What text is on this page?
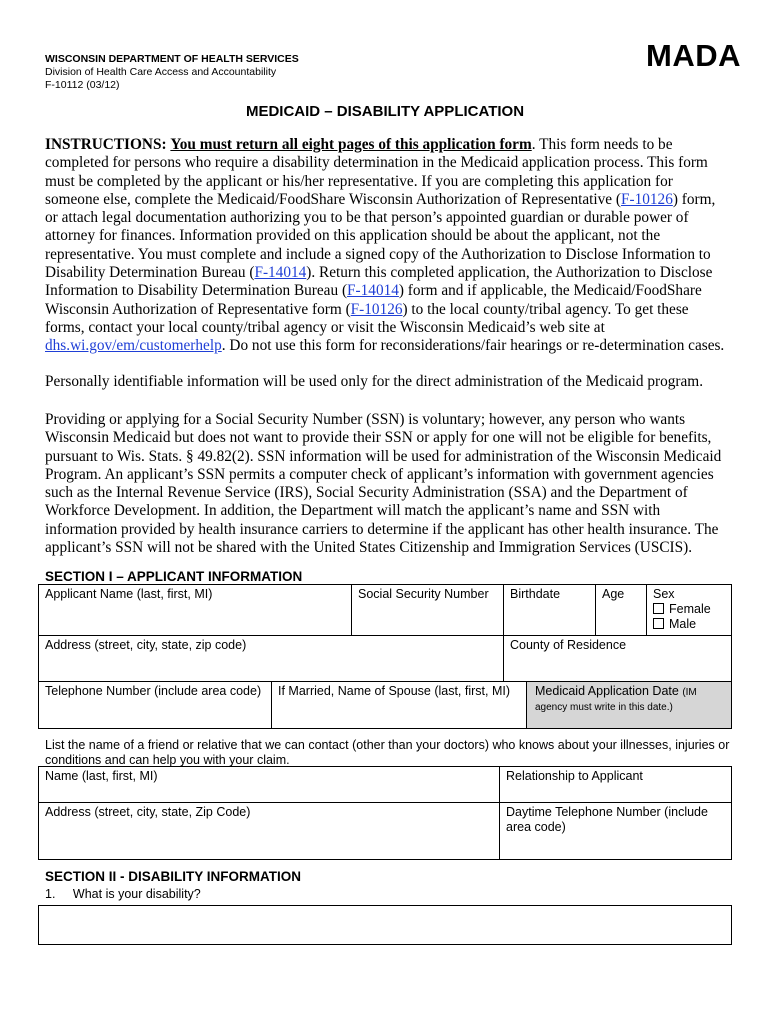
WISCONSIN DEPARTMENT OF HEALTH SERVICES
Division of Health Care Access and Accountability
F-10112 (03/12)
MADA
MEDICAID – DISABILITY APPLICATION
INSTRUCTIONS: You must return all eight pages of this application form. This form needs to be completed for persons who require a disability determination in the Medicaid application process. This form must be completed by the applicant or his/her representative. If you are completing this application for someone else, complete the Medicaid/FoodShare Wisconsin Authorization of Representative (F-10126) form, or attach legal documentation authorizing you to be that person’s appointed guardian or durable power of attorney for finances. Information provided on this application should be about the applicant, not the representative. You must complete and include a signed copy of the Authorization to Disclose Information to Disability Determination Bureau (F-14014). Return this completed application, the Authorization to Disclose Information to Disability Determination Bureau (F-14014) form and if applicable, the Medicaid/FoodShare Wisconsin Authorization of Representative form (F-10126) to the local county/tribal agency. To get these forms, contact your local county/tribal agency or visit the Wisconsin Medicaid’s web site at dhs.wi.gov/em/customerhelp. Do not use this form for reconsiderations/fair hearings or re-determination cases.
Personally identifiable information will be used only for the direct administration of the Medicaid program.
Providing or applying for a Social Security Number (SSN) is voluntary; however, any person who wants Wisconsin Medicaid but does not want to provide their SSN or apply for one will not be eligible for benefits, pursuant to Wis. Stats. § 49.82(2). SSN information will be used for administration of the Wisconsin Medicaid Program. An applicant’s SSN permits a computer check of applicant’s information with government agencies such as the Internal Revenue Service (IRS), Social Security Administration (SSA) and the Department of Workforce Development. In addition, the Department will match the applicant’s name and SSN with information provided by health insurance carriers to determine if the applicant has other health insurance. The applicant’s SSN will not be shared with the United States Citizenship and Immigration Services (USCIS).
SECTION I – APPLICANT INFORMATION
Applicant Name (last, first, MI)	Social Security Number	Birthdate	Age	Sex
Female
Male
Address (street, city, state, zip code)	County of Residence
Telephone Number (include area code)	If Married, Name of Spouse (last, first, MI)	Medicaid Application Date (IM
agency must write in this date.)
List the name of a friend or relative that we can contact (other than your doctors) who knows about your illnesses, injuries or conditions and can help you with your claim.
Name (last, first, MI)	Relationship to Applicant
Address (street, city, state, Zip Code)	Daytime Telephone Number (include area code)
SECTION II - DISABILITY INFORMATION
1. What is your disability?
